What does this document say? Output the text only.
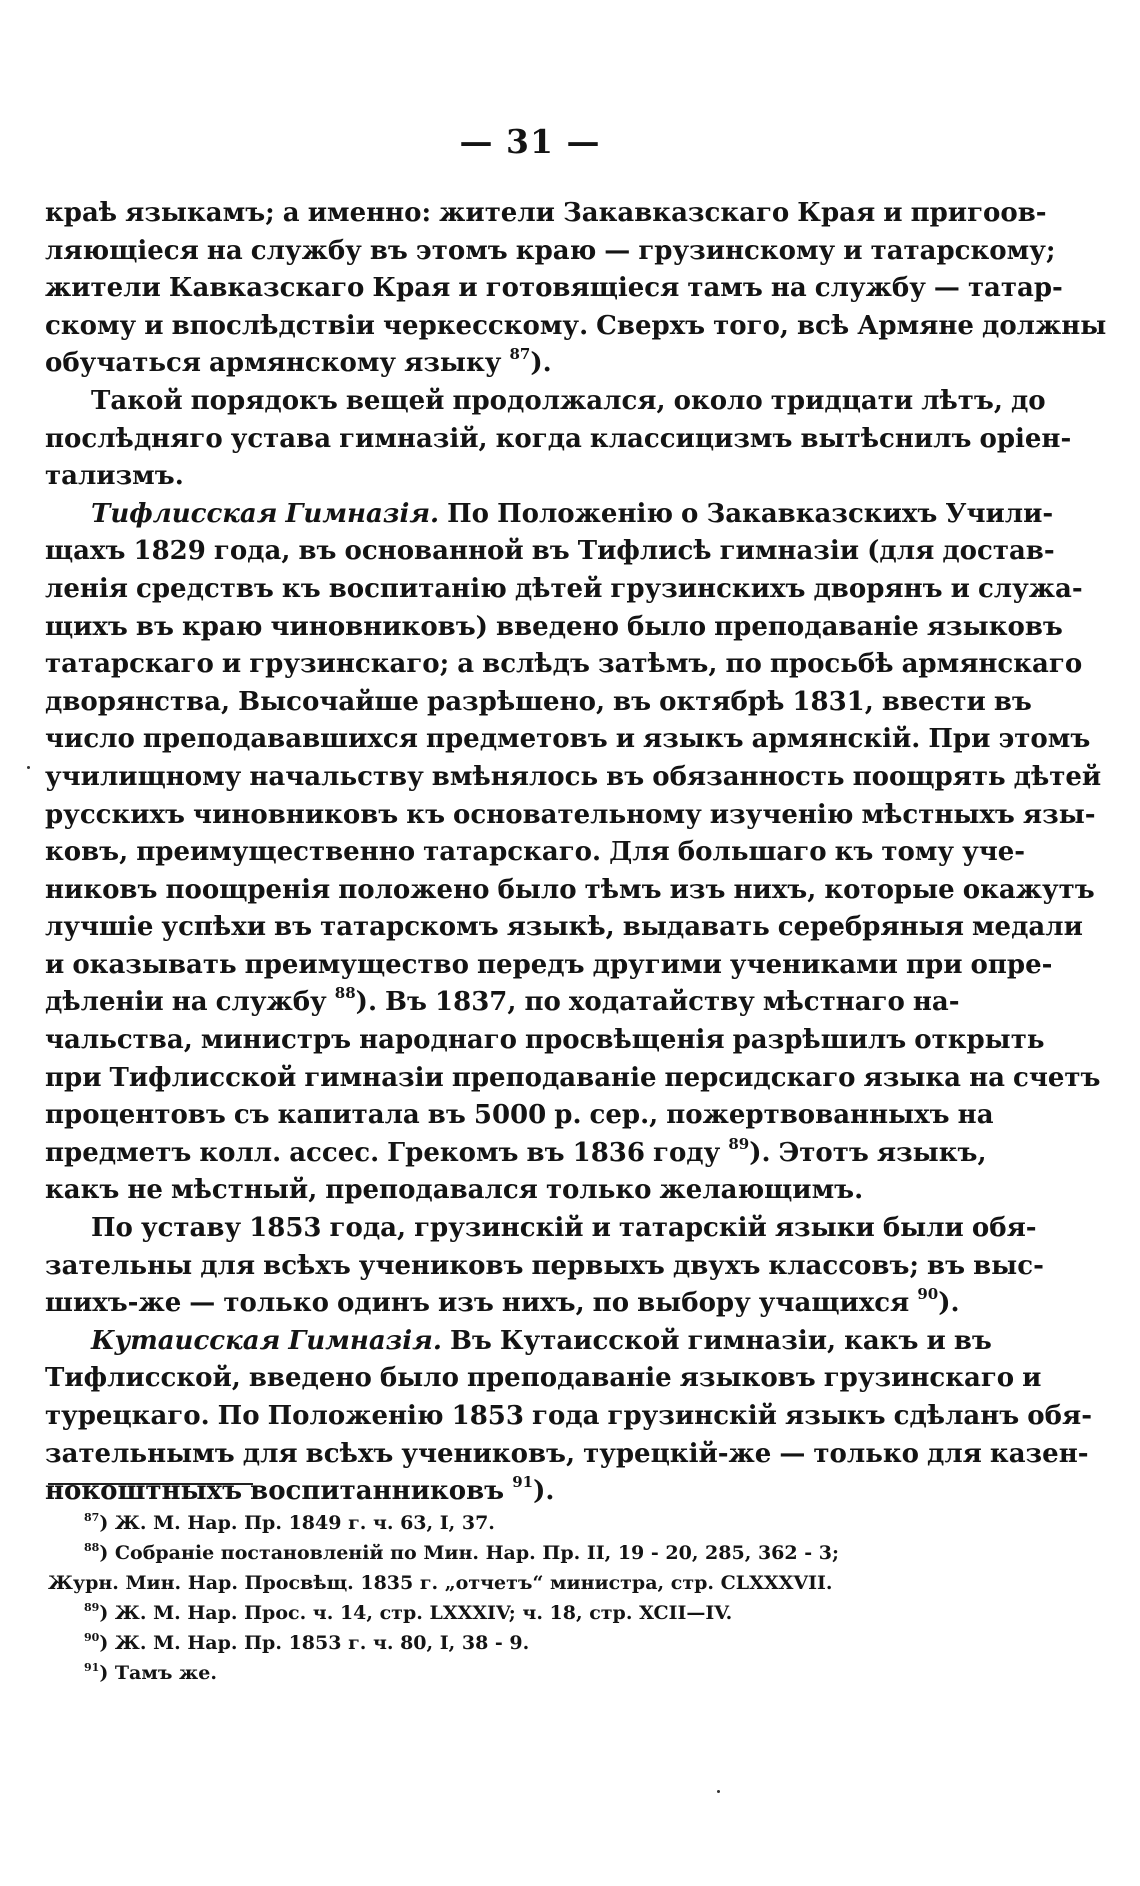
— 31 —
краѣ языкамъ; а именно: жители Закавказскаго Края и пригоов-
ляющіеся на службу въ этомъ краю — грузинскому и татарскому;
жители Кавказскаго Края и готовящіеся тамъ на службу — татар-
скому и впослѣдствіи черкесскому. Сверхъ того, всѣ Армяне должны
обучаться армянскому языку $^{87}$).
Такой порядокъ вещей продолжался, около тридцати лѣтъ, до
послѣдняго устава гимназій, когда классицизмъ вытѣснилъ оріен-
тализмъ.
Тифлисская Гимназія. По Положенію о Закавказскихъ Учили-
щахъ 1829 года, въ основанной въ Тифлисѣ гимназіи (для достав-
ленія средствъ къ воспитанію дѣтей грузинскихъ дворянъ и служа-
щихъ въ краю чиновниковъ) введено было преподаваніе языковъ
татарскаго и грузинскаго; а вслѣдъ затѣмъ, по просьбѣ армянскаго
дворянства, Высочайше разрѣшено, въ октябрѣ 1831, ввести въ
число преподававшихся предметовъ и языкъ армянскій. При этомъ
училищному начальству вмѣнялось въ обязанность поощрять дѣтей
русскихъ чиновниковъ къ основательному изученію мѣстныхъ язы-
ковъ, преимущественно татарскаго. Для большаго къ тому уче-
никовъ поощренія положено было тѣмъ изъ нихъ, которые окажутъ
лучшіе успѣхи въ татарскомъ языкѣ, выдавать серебряныя медали
и оказывать преимущество передъ другими учениками при опре-
дѣленіи на службу $^{88}$). Въ 1837, по ходатайству мѣстнаго на-
чальства, министръ народнаго просвѣщенія разрѣшилъ открыть
при Тифлисской гимназіи преподаваніе персидскаго языка на счетъ
процентовъ съ капитала въ 5000 р. сер., пожертвованныхъ на
предметъ колл. ассес. Грекомъ въ 1836 году $^{89}$). Этотъ языкъ,
какъ не мѣстный, преподавался только желающимъ.
По уставу 1853 года, грузинскій и татарскій языки были обя-
зательны для всѣхъ учениковъ первыхъ двухъ классовъ; въ выс-
шихъ-же — только одинъ изъ нихъ, по выбору учащихся $^{90}$).
Кутаисская Гимназія. Въ Кутаисской гимназіи, какъ и въ
Тифлисской, введено было преподаваніе языковъ грузинскаго и
турецкаго. По Положенію 1853 года грузинскій языкъ сдѣланъ обя-
зательнымъ для всѣхъ учениковъ, турецкій-же — только для казен-
нокоштныхъ воспитанниковъ $^{91}$).
$^{87}$) Ж. М. Нар. Пр. 1849 г. ч. 63, I, 37.
$^{88}$) Собраніе постановленій по Мин. Нар. Пр. II, 19 - 20, 285, 362 - 3;
Журн. Мин. Нар. Просвѣщ. 1835 г. „отчетъ“ министра, стр. CLXXXVII.
$^{89}$) Ж. М. Нар. Прос. ч. 14, стр. LXXXIV; ч. 18, стр. XCII—IV.
$^{90}$) Ж. М. Нар. Пр. 1853 г. ч. 80, I, 38 - 9.
$^{91}$) Тамъ же.
